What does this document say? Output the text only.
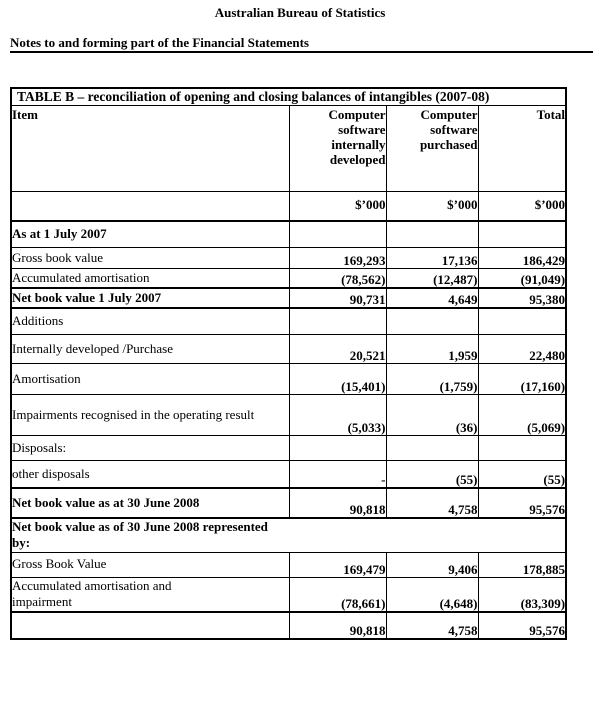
Australian Bureau of Statistics
Notes to and forming part of the Financial Statements
TABLE B – reconciliation of opening and closing balances of intangibles (2007-08)			
Item	Computer software internally developed	Computer software purchased	Total
	$’000	$’000	$’000
As at 1 July 2007			
Gross book value	169,293	17,136	186,429
Accumulated amortisation	(78,562)	(12,487)	(91,049)
Net book value 1 July 2007	90,731	4,649	95,380
Additions			
Internally developed /Purchase	20,521	1,959	22,480
Amortisation	(15,401)	(1,759)	(17,160)
Impairments recognised in the operating result	(5,033)	(36)	(5,069)
Disposals:			
other disposals	-	(55)	(55)
Net book value as at 30 June 2008	90,818	4,758	95,576
Net book value as of 30 June 2008 represented by:			
Gross Book Value	169,479	9,406	178,885
Accumulated amortisation and impairment	(78,661)	(4,648)	(83,309)
	90,818	4,758	95,576
